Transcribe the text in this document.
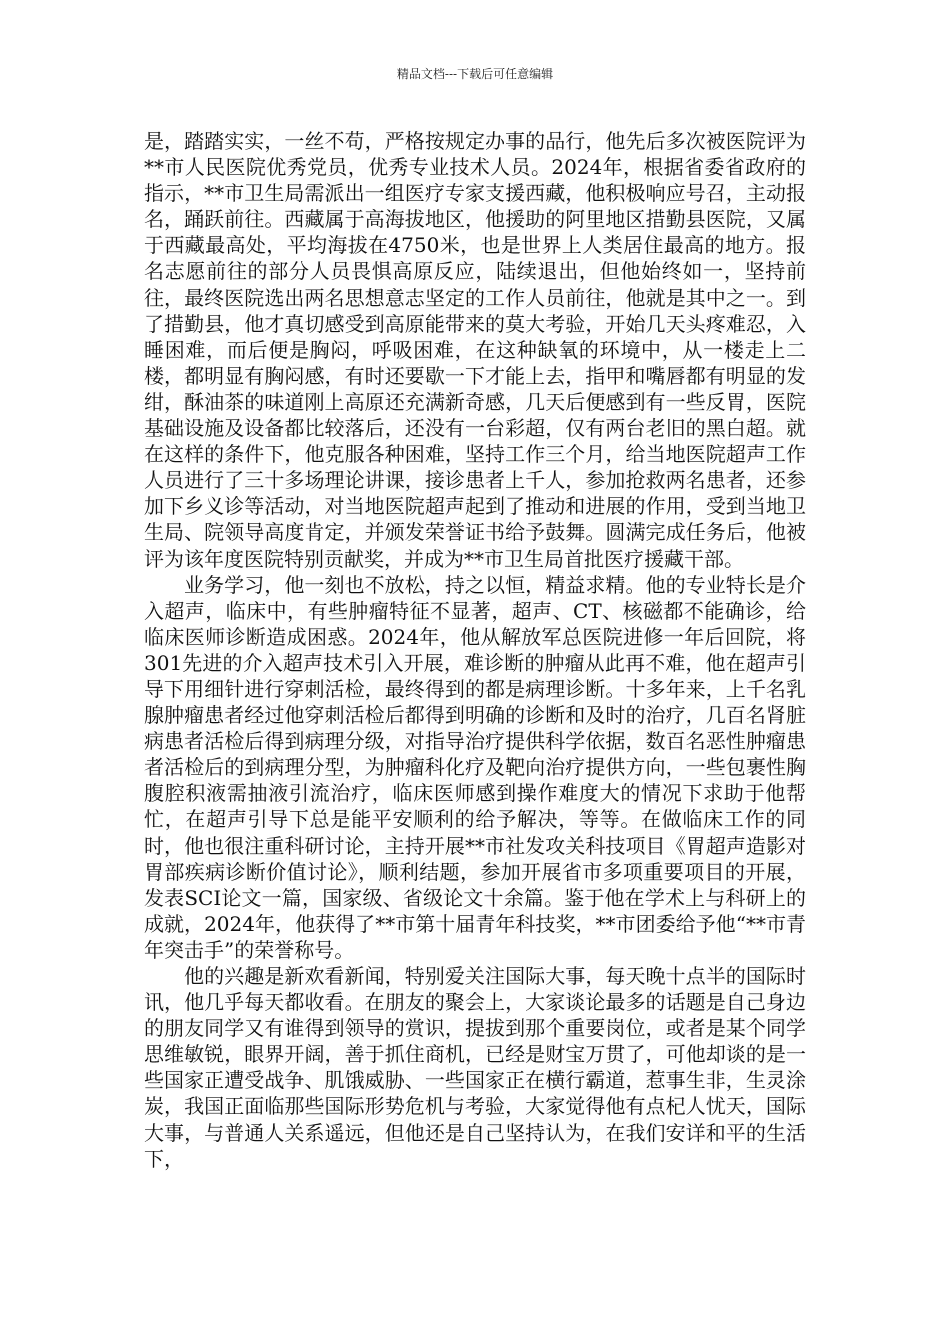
精品文档---下载后可任意编辑

是，踏踏实实，一丝不苟，严格按规定办事的品行，他先后多次被医院评为**市人民医院优秀党员，优秀专业技术人员。2024年，根据省委省政府的指示，**市卫生局需派出一组医疗专家支援西藏，他积极响应号召，主动报名，踊跃前往。西藏属于高海拔地区，他援助的阿里地区措勤县医院，又属于西藏最高处，平均海拔在4750米，也是世界上人类居住最高的地方。报名志愿前往的部分人员畏惧高原反应，陆续退出，但他始终如一，坚持前往，最终医院选出两名思想意志坚定的工作人员前往，他就是其中之一。到了措勤县，他才真切感受到高原能带来的莫大考验，开始几天头疼难忍，入睡困难，而后便是胸闷，呼吸困难，在这种缺氧的环境中，从一楼走上二楼，都明显有胸闷感，有时还要歇一下才能上去，指甲和嘴唇都有明显的发绀，酥油茶的味道刚上高原还充满新奇感，几天后便感到有一些反胃，医院基础设施及设备都比较落后，还没有一台彩超，仅有两台老旧的黑白超。就在这样的条件下，他克服各种困难，坚持工作三个月，给当地医院超声工作人员进行了三十多场理论讲课，接诊患者上千人，参加抢救两名患者，还参加下乡义诊等活动，对当地医院超声起到了推动和进展的作用，受到当地卫生局、院领导高度肯定，并颁发荣誉证书给予鼓舞。圆满完成任务后，他被评为该年度医院特别贡献奖，并成为**市卫生局首批医疗援藏干部。

业务学习，他一刻也不放松，持之以恒，精益求精。他的专业特长是介入超声，临床中，有些肿瘤特征不显著，超声、CT、核磁都不能确诊，给临床医师诊断造成困惑。2024年，他从解放军总医院进修一年后回院，将301先进的介入超声技术引入开展，难诊断的肿瘤从此再不难，他在超声引导下用细针进行穿刺活检，最终得到的都是病理诊断。十多年来，上千名乳腺肿瘤患者经过他穿刺活检后都得到明确的诊断和及时的治疗，几百名肾脏病患者活检后得到病理分级，对指导治疗提供科学依据，数百名恶性肿瘤患者活检后的到病理分型，为肿瘤科化疗及靶向治疗提供方向，一些包裹性胸腹腔积液需抽液引流治疗，临床医师感到操作难度大的情况下求助于他帮忙，在超声引导下总是能平安顺利的给予解决，等等。在做临床工作的同时，他也很注重科研讨论，主持开展**市社发攻关科技项目《胃超声造影对胃部疾病诊断价值讨论》，顺利结题，参加开展省市多项重要项目的开展，发表SCI论文一篇，国家级、省级论文十余篇。鉴于他在学术上与科研上的成就，2024年，他获得了**市第十届青年科技奖，**市团委给予他“**市青年突击手”的荣誉称号。

他的兴趣是新欢看新闻，特别爱关注国际大事，每天晚十点半的国际时讯，他几乎每天都收看。在朋友的聚会上，大家谈论最多的话题是自己身边的朋友同学又有谁得到领导的赏识，提拔到那个重要岗位，或者是某个同学思维敏锐，眼界开阔，善于抓住商机，已经是财宝万贯了，可他却谈的是一些国家正遭受战争、肌饿威胁、一些国家正在横行霸道，惹事生非，生灵涂炭，我国正面临那些国际形势危机与考验，大家觉得他有点杞人忧天，国际大事，与普通人关系遥远，但他还是自己坚持认为，在我们安详和平的生活下，
